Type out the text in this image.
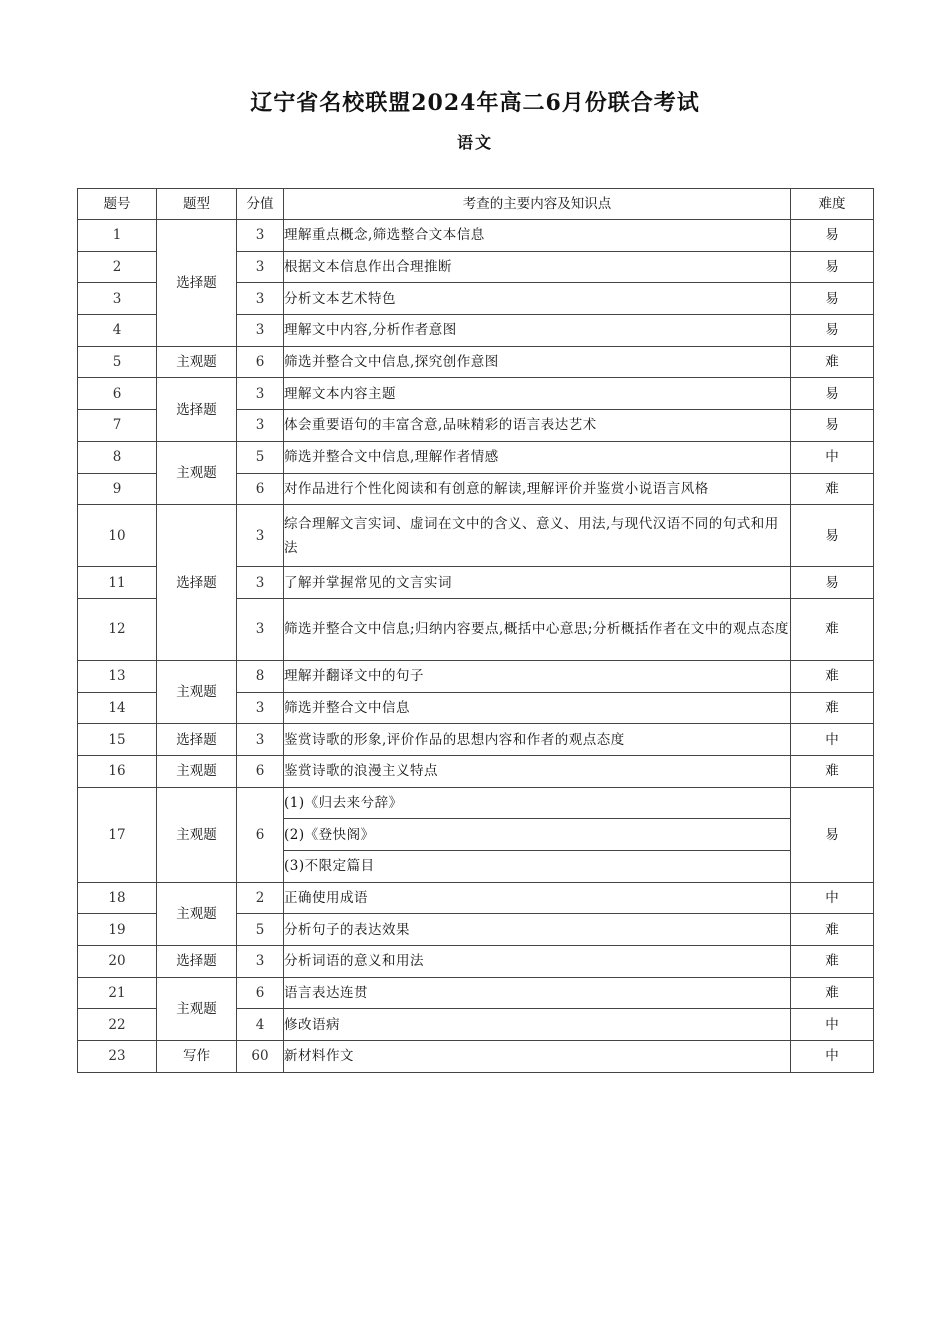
辽宁省名校联盟2024年高二6月份联合考试
语文
题号	题型	分值	考查的主要内容及知识点	难度
1	选择题	3	理解重点概念,筛选整合文本信息	易
2		3	根据文本信息作出合理推断	易
3		3	分析文本艺术特色	易
4		3	理解文中内容,分析作者意图	易
5	主观题	6	筛选并整合文中信息,探究创作意图	难
6	选择题	3	理解文本内容主题	易
7		3	体会重要语句的丰富含意,品味精彩的语言表达艺术	易
8	主观题	5	筛选并整合文中信息,理解作者情感	中
9		6	对作品进行个性化阅读和有创意的解读,理解评价并鉴赏小说语言风格	难
10	选择题	3	综合理解文言实词、虚词在文中的含义、意义、用法,与现代汉语不同的句式和用法	易
11		3	了解并掌握常见的文言实词	易
12		3	筛选并整合文中信息;归纳内容要点,概括中心意思;分析概括作者在文中的观点态度	难
13	主观题	8	理解并翻译文中的句子	难
14		3	筛选并整合文中信息	难
15	选择题	3	鉴赏诗歌的形象,评价作品的思想内容和作者的观点态度	中
16	主观题	6	鉴赏诗歌的浪漫主义特点	难
17	主观题	6	(1)《归去来兮辞》	易
			(2)《登快阁》	
			(3)不限定篇目	
18	主观题	2	正确使用成语	中
19		5	分析句子的表达效果	难
20	选择题	3	分析词语的意义和用法	难
21	主观题	6	语言表达连贯	难
22		4	修改语病	中
23	写作	60	新材料作文	中
